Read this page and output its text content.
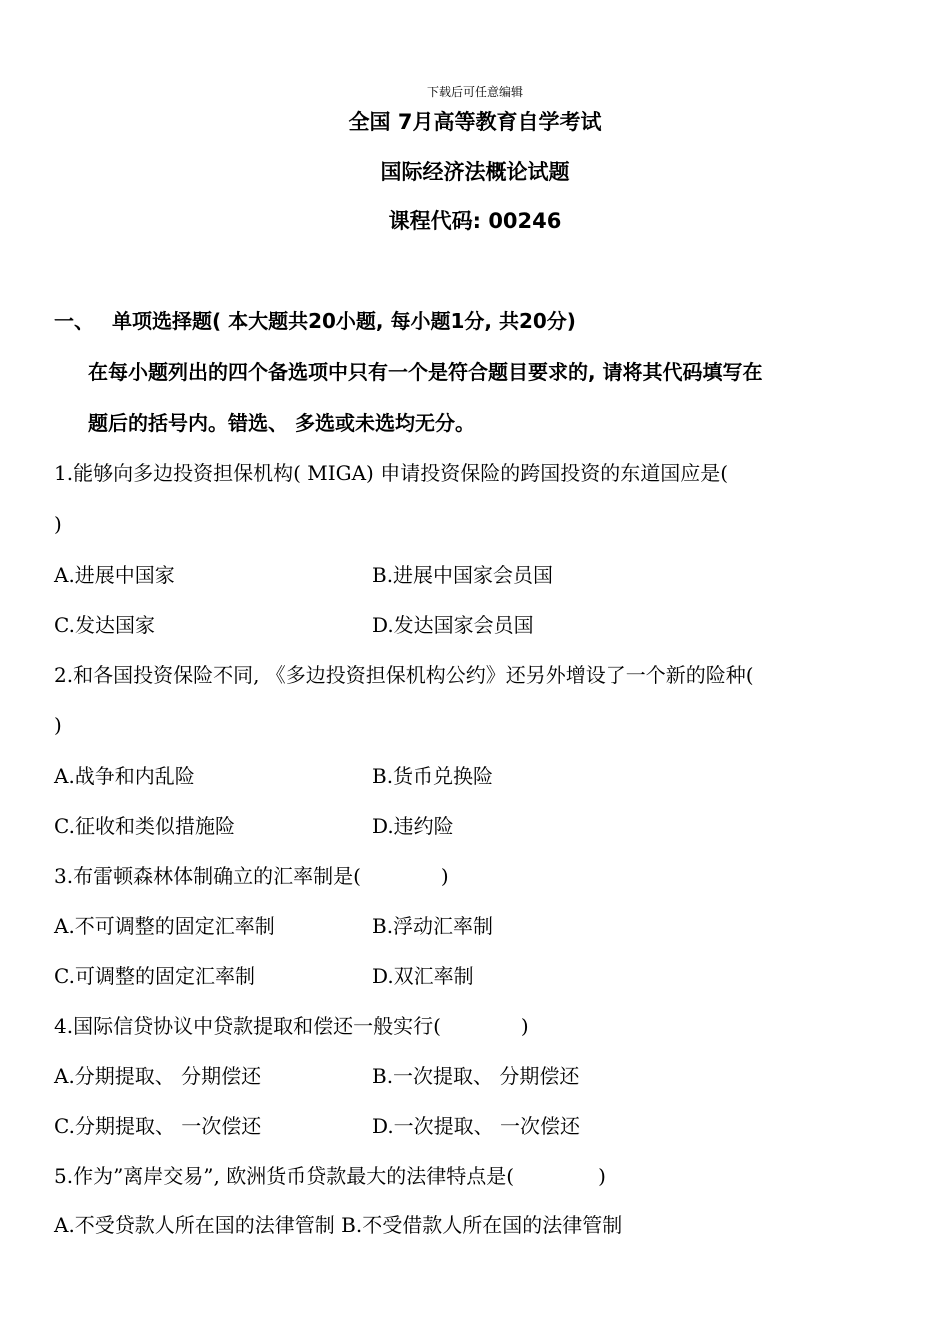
下载后可任意编辑
全国 7月高等教育自学考试
国际经济法概论试题
课程代码: 00246
一、 单项选择题( 本大题共20小题, 每小题1分, 共20分)
在每小题列出的四个备选项中只有一个是符合题目要求的, 请将其代码填写在
题后的括号内。错选、 多选或未选均无分。
1.能够向多边投资担保机构( MIGA) 申请投资保险的跨国投资的东道国应是(
)
A.进展中国家	B.进展中国家会员国
C.发达国家	D.发达国家会员国
2.和各国投资保险不同, 《多边投资担保机构公约》还另外增设了一个新的险种(
)
A.战争和内乱险	B.货币兑换险
C.征收和类似措施险	D.违约险
3.布雷顿森林体制确立的汇率制是(	)
A.不可调整的固定汇率制	B.浮动汇率制
C.可调整的固定汇率制	D.双汇率制
4.国际信贷协议中贷款提取和偿还一般实行(	)
A.分期提取、 分期偿还	B.一次提取、 分期偿还
C.分期提取、 一次偿还	D.一次提取、 一次偿还
5.作为”离岸交易”, 欧洲货币贷款最大的法律特点是(	)
A.不受贷款人所在国的法律管制 B.不受借款人所在国的法律管制
